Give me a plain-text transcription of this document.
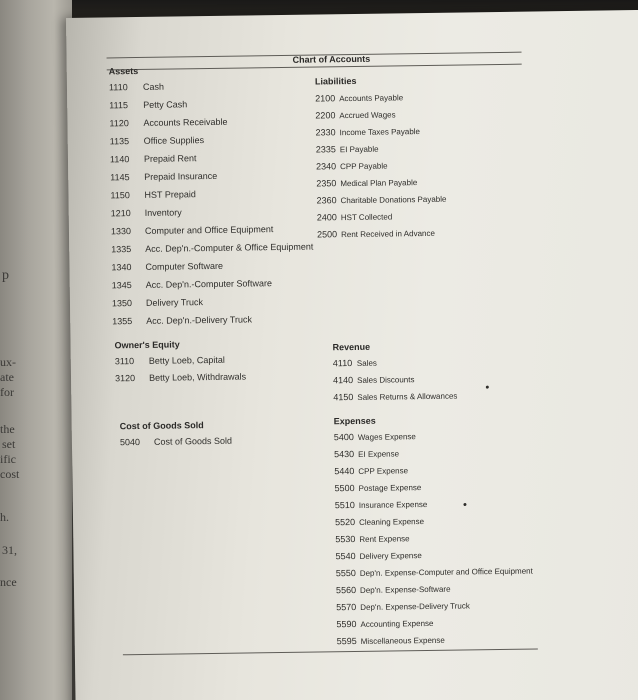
p
ux-
ate
for
the
set
ific
cost
h.
31,
nce
Chart of Accounts
Assets
1110 Cash
1115 Petty Cash
1120 Accounts Receivable
1135 Office Supplies
1140 Prepaid Rent
1145 Prepaid Insurance
1150 HST Prepaid
1210 Inventory
1330 Computer and Office Equipment
1335 Acc. Dep'n.-Computer & Office Equipment
1340 Computer Software
1345 Acc. Dep'n.-Computer Software
1350 Delivery Truck
1355 Acc. Dep'n.-Delivery Truck
Liabilities
2100 Accounts Payable
2200 Accrued Wages
2330 Income Taxes Payable
2335 EI Payable
2340 CPP Payable
2350 Medical Plan Payable
2360 Charitable Donations Payable
2400 HST Collected
2500 Rent Received in Advance
Owner's Equity
3110 Betty Loeb, Capital
3120 Betty Loeb, Withdrawals
Revenue
4110 Sales
4140 Sales Discounts
4150 Sales Returns & Allowances
Cost of Goods Sold
5040 Cost of Goods Sold
Expenses
5400 Wages Expense
5430 EI Expense
5440 CPP Expense
5500 Postage Expense
5510 Insurance Expense
5520 Cleaning Expense
5530 Rent Expense
5540 Delivery Expense
5550 Dep'n. Expense-Computer and Office Equipment
5560 Dep'n. Expense-Software
5570 Dep'n. Expense-Delivery Truck
5590 Accounting Expense
5595 Miscellaneous Expense
●
●
